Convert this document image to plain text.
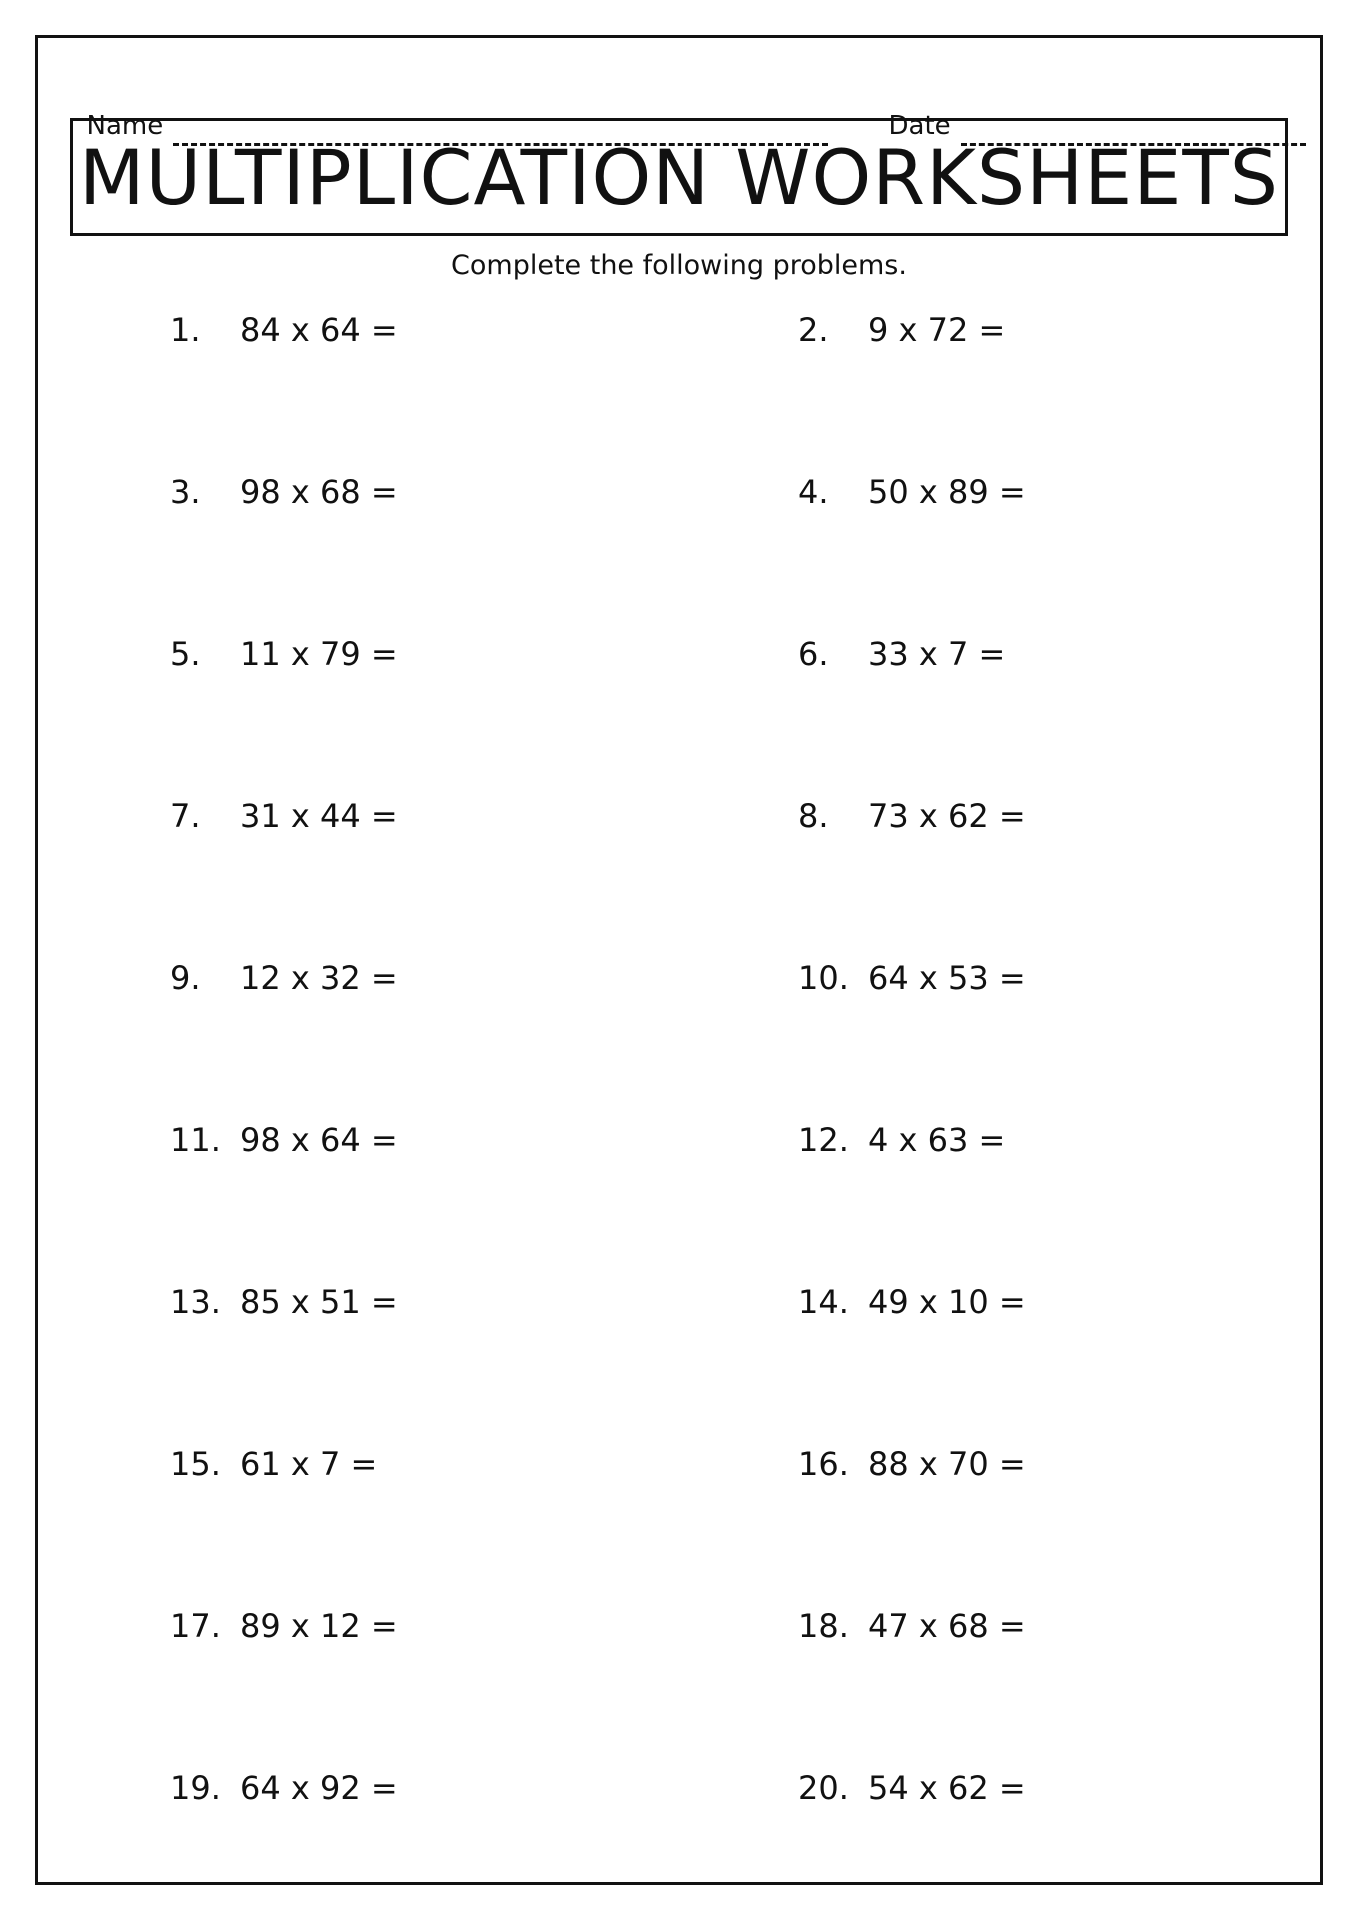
Name	Date

MULTIPLICATION WORKSHEETS
Complete the following problems.
1.	84 x 64 =	2.	9 x 72 =
3.	98 x 68 =	4.	50 x 89 =
5.	11 x 79 =	6.	33 x 7 =
7.	31 x 44 =	8.	73 x 62 =
9.	12 x 32 =	10. 64 x 53 =
11. 98 x 64 =	12. 4 x 63 =
13. 85 x 51 =	14. 49 x 10 =
15. 61 x 7 =	16. 88 x 70 =
17. 89 x 12 =	18. 47 x 68 =
19. 64 x 92 =	20. 54 x 62 =
